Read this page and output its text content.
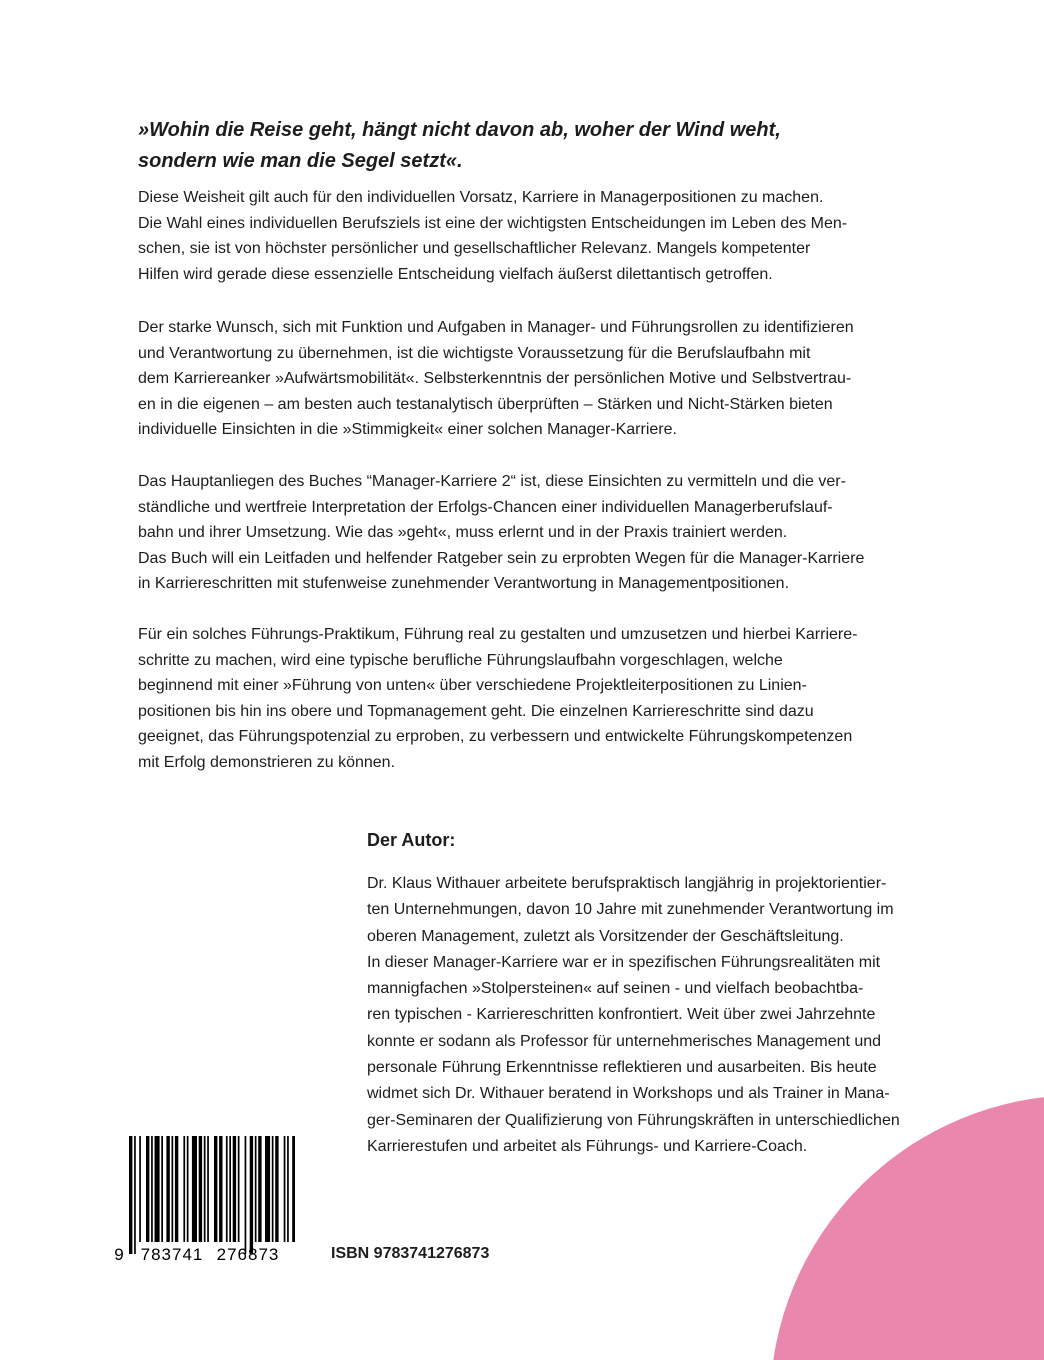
»Wohin die Reise geht, hängt nicht davon ab, woher der Wind weht,
sondern wie man die Segel setzt«.

Diese Weisheit gilt auch für den individuellen Vorsatz, Karriere in Managerpositionen zu machen.
Die Wahl eines individuellen Berufsziels ist eine der wichtigsten Entscheidungen im Leben des Men-
schen, sie ist von höchster persönlicher und gesellschaftlicher Relevanz. Mangels kompetenter
Hilfen wird gerade diese essenzielle Entscheidung vielfach äußerst dilettantisch getroffen.

Der starke Wunsch, sich mit Funktion und Aufgaben in Manager- und Führungsrollen zu identifizieren
und Verantwortung zu übernehmen, ist die wichtigste Voraussetzung für die Berufslaufbahn mit
dem Karriereanker »Aufwärtsmobilität«. Selbsterkenntnis der persönlichen Motive und Selbstvertrau-
en in die eigenen – am besten auch testanalytisch überprüften – Stärken und Nicht-Stärken bieten
individuelle Einsichten in die »Stimmigkeit« einer solchen Manager-Karriere.

Das Hauptanliegen des Buches “Manager-Karriere 2“ ist, diese Einsichten zu vermitteln und die ver-
ständliche und wertfreie Interpretation der Erfolgs-Chancen einer individuellen Managerberufslauf-
bahn und ihrer Umsetzung. Wie das »geht«, muss erlernt und in der Praxis trainiert werden.
Das Buch will ein Leitfaden und helfender Ratgeber sein zu erprobten Wegen für die Manager-Karriere
in Karriereschritten mit stufenweise zunehmender Verantwortung in Managementpositionen.

Für ein solches Führungs-Praktikum, Führung real zu gestalten und umzusetzen und hierbei Karriere-
schritte zu machen, wird eine typische berufliche Führungslaufbahn vorgeschlagen, welche
beginnend mit einer »Führung von unten« über verschiedene Projektleiterpositionen zu Linien-
positionen bis hin ins obere und Topmanagement geht. Die einzelnen Karriereschritte sind dazu
geeignet, das Führungspotenzial zu erproben, zu verbessern und entwickelte Führungskompetenzen
mit Erfolg demonstrieren zu können.

Der Autor:

Dr. Klaus Withauer arbeitete berufspraktisch langjährig in projektorientier-
ten Unternehmungen, davon 10 Jahre mit zunehmender Verantwortung im
oberen Management, zuletzt als Vorsitzender der Geschäftsleitung.
In dieser Manager-Karriere war er in spezifischen Führungsrealitäten mit
mannigfachen »Stolpersteinen« auf seinen - und vielfach beobachtba-
ren typischen - Karriereschritten konfrontiert. Weit über zwei Jahrzehnte
konnte er sodann als Professor für unternehmerisches Management und
personale Führung Erkenntnisse reflektieren und ausarbeiten. Bis heute
widmet sich Dr. Withauer beratend in Workshops und als Trainer in Mana-
ger-Seminaren der Qualifizierung von Führungskräften in unterschiedlichen
Karrierestufen und arbeitet als Führungs- und Karriere-Coach.

9 783741 276873	ISBN 9783741276873
